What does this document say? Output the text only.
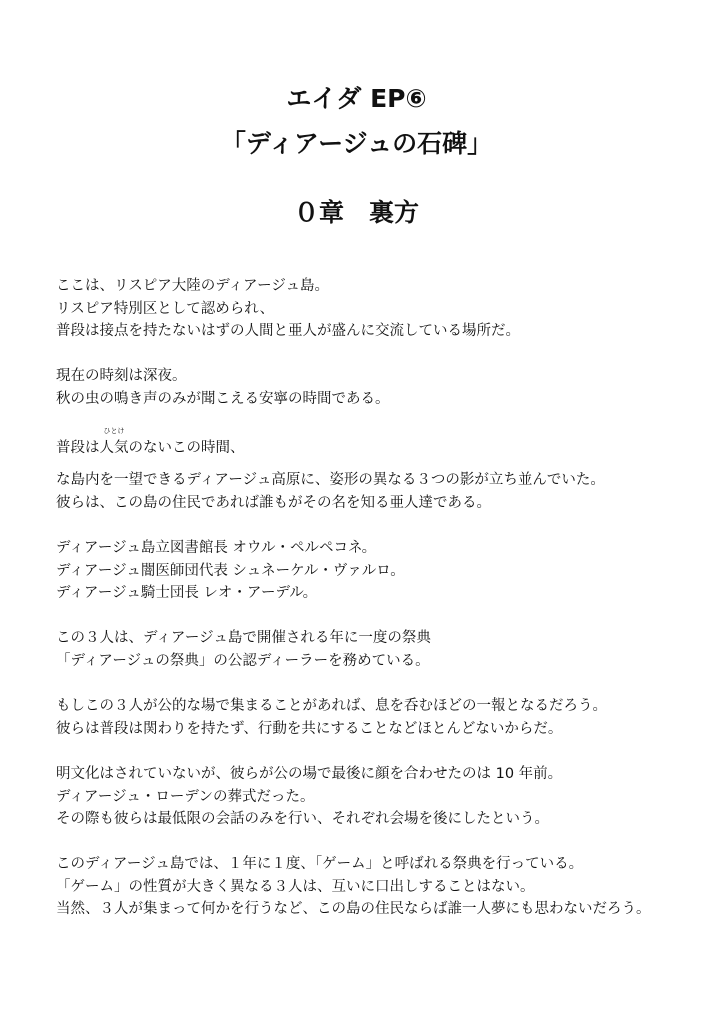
エイダ EP⑥
「ディアージュの石碑」
０章　裏方
ここは、リスピア大陸のディアージュ島。
リスピア特別区として認められ、
普段は接点を持たないはずの人間と亜人が盛んに交流している場所だ。
現在の時刻は深夜。
秋の虫の鳴き声のみが聞こえる安寧の時間である。
普段は
ひとけ
人気のないこの時間、
な島内を一望できるディアージュ高原に、姿形の異なる３つの影が立ち並んでいた。
彼らは、この島の住民であれば誰もがその名を知る亜人達である。
ディアージュ島立図書館長 オウル・ペルペコネ。
ディアージュ闇医師団代表 シュネーケル・ヴァルロ。
ディアージュ騎士団長 レオ・アーデル。
この３人は、ディアージュ島で開催される年に一度の祭典
「ディアージュの祭典」の公認ディーラーを務めている。
もしこの３人が公的な場で集まることがあれば、息を呑むほどの一報となるだろう。
彼らは普段は関わりを持たず、行動を共にすることなどほとんどないからだ。
明文化はされていないが、彼らが公の場で最後に顔を合わせたのは 10 年前。
ディアージュ・ローデンの葬式だった。
その際も彼らは最低限の会話のみを行い、それぞれ会場を後にしたという。
このディアージュ島では、１年に１度、「ゲーム」と呼ばれる祭典を行っている。
「ゲーム」の性質が大きく異なる３人は、互いに口出しすることはない。
当然、３人が集まって何かを行うなど、この島の住民ならば誰一人夢にも思わないだろう。
